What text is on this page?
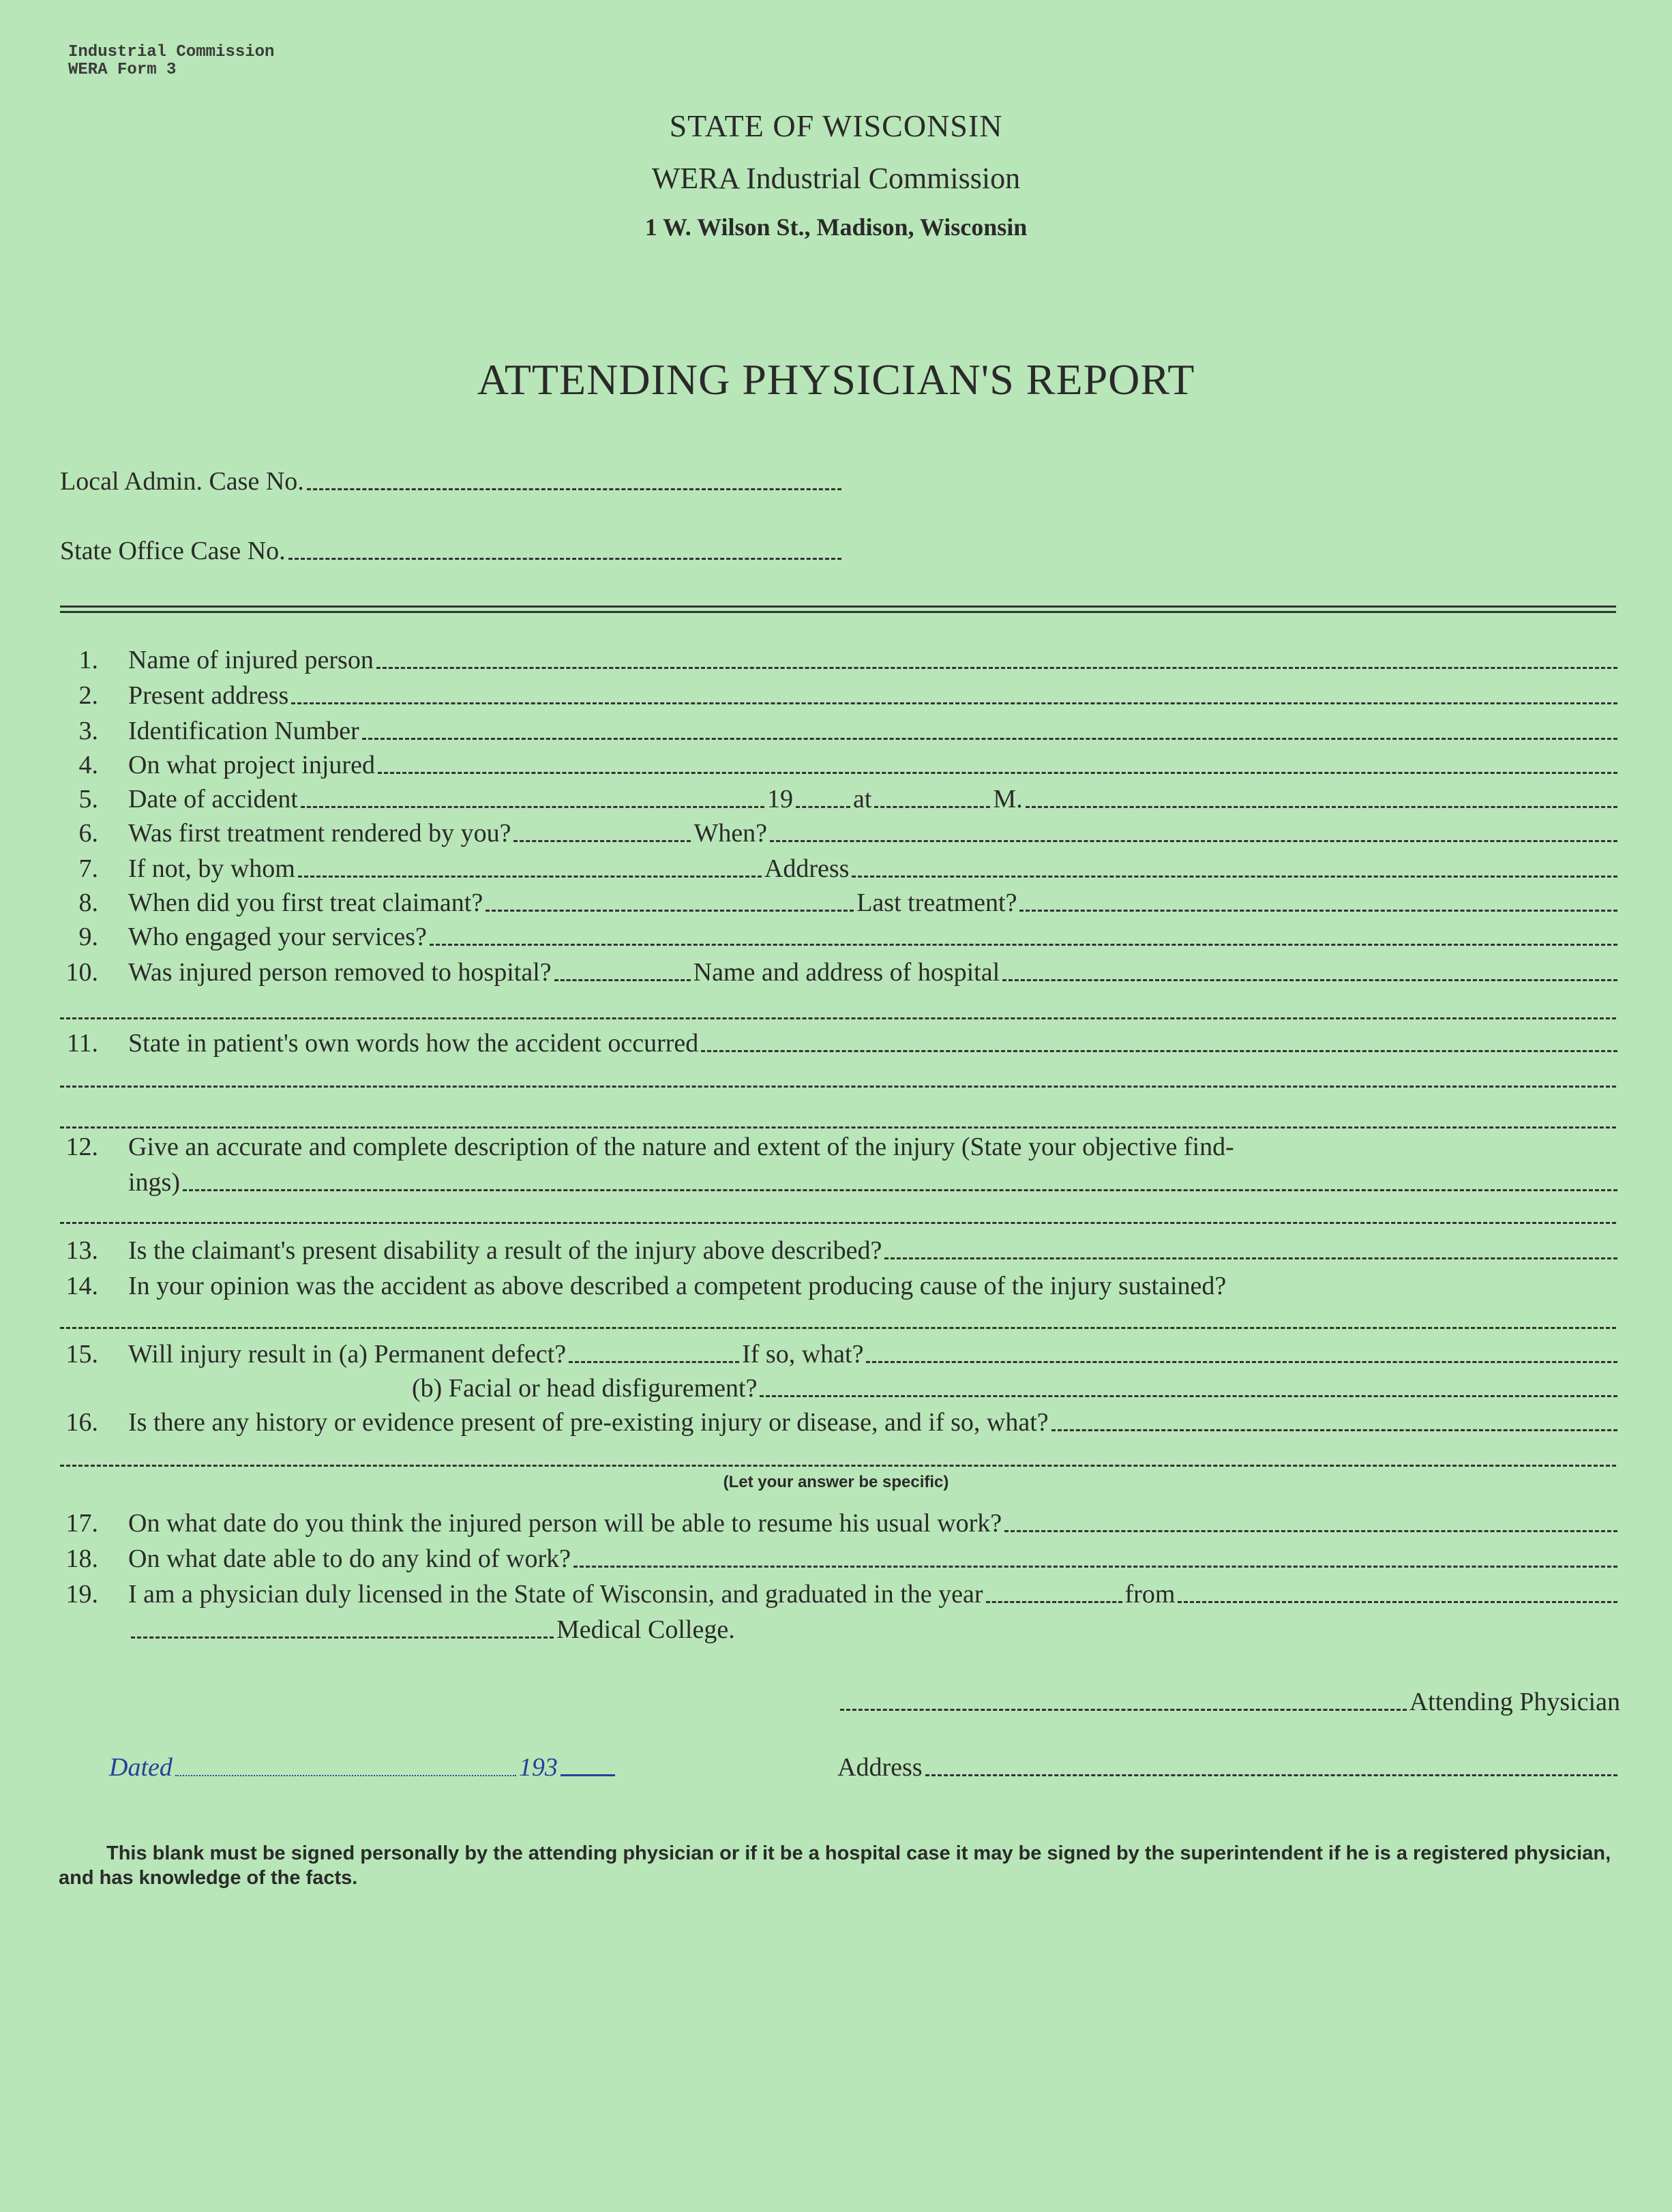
Industrial Commission
WERA Form 3
STATE OF WISCONSIN
WERA Industrial Commission
1 W. Wilson St., Madison, Wisconsin
ATTENDING PHYSICIAN'S REPORT
Local Admin. Case No.
State Office Case No.
1. Name of injured person
2. Present address
3. Identification Number
4. On what project injured
5. Date of accident	19 at	M.
6. Was first treatment rendered by you?	When?
7. If not, by whom	Address
8. When did you first treat claimant?	Last treatment?
9. Who engaged your services?
10. Was injured person removed to hospital?	Name and address of hospital
11. State in patient's own words how the accident occurred
12. Give an accurate and complete description of the nature and extent of the injury (State your objective find-
ings)
13. Is the claimant's present disability a result of the injury above described?
14. In your opinion was the accident as above described a competent producing cause of the injury sustained?
15. Will injury result in (a) Permanent defect?	If so, what?
(b) Facial or head disfigurement?
16. Is there any history or evidence present of pre-existing injury or disease, and if so, what?
(Let your answer be specific)
17. On what date do you think the injured person will be able to resume his usual work?
18. On what date able to do any kind of work?
19. I am a physician duly licensed in the State of Wisconsin, and graduated in the year	from
Medical College.
Attending Physician
Dated	193	Address
This blank must be signed personally by the attending physician or if it be a hospital case it may be signed by the superintendent if he is a registered physician, and has knowledge of the facts.
